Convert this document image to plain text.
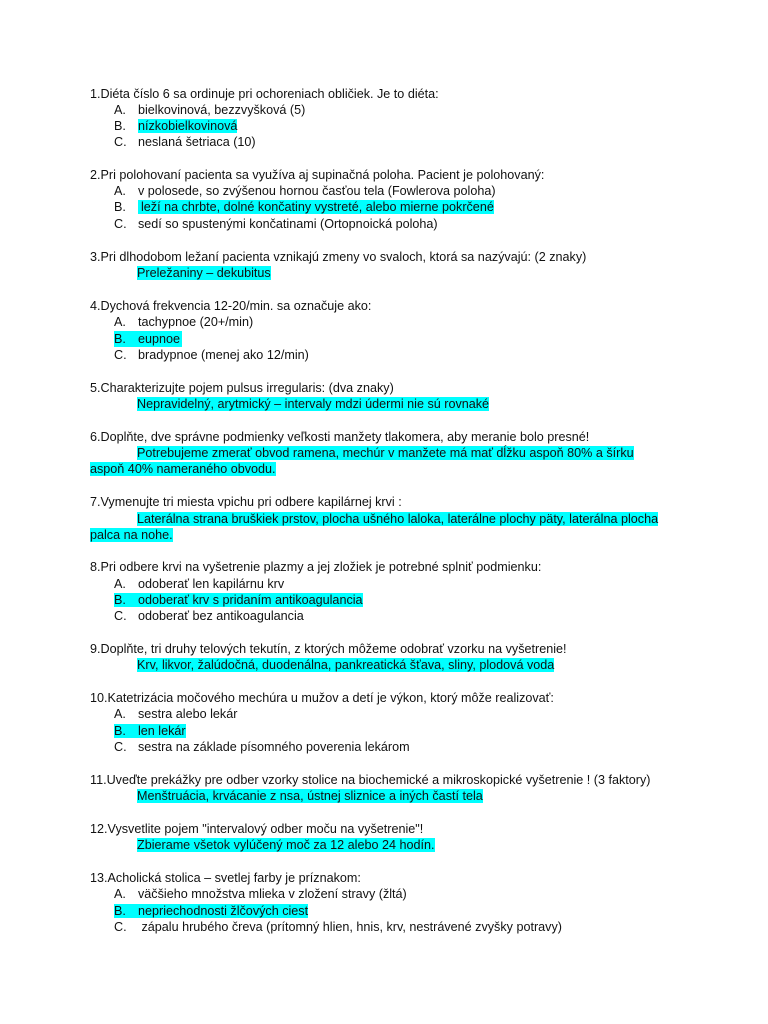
1.Diéta číslo 6 sa ordinuje pri ochoreniach obličiek. Je to diéta:
A. bielkovinová, bezzvyšková (5)
B. nízkobielkovinová
C. neslaná šetriaca (10)
2.Pri polohovaní pacienta sa využíva aj supinačná poloha. Pacient je polohovaný:
A. v polosede, so zvýšenou hornou časťou tela (Fowlerova poloha)
B. leží na chrbte, dolné končatiny vystreté, alebo mierne pokrčené
C. sedí so spustenými končatinami (Ortopnoická poloha)
3.Pri dlhodobom ležaní pacienta vznikajú zmeny vo svaloch, ktorá sa nazývajú: (2 znaky)
Preležaniny – dekubitus
4.Dychová frekvencia 12-20/min. sa označuje ako:
A. tachypnoe (20+/min)
B. eupnoe
C. bradypnoe (menej ako 12/min)
5.Charakterizujte pojem pulsus irregularis: (dva znaky)
Nepravidelný, arytmický – intervaly mdzi údermi nie sú rovnaké
6.Doplňte, dve správne podmienky veľkosti manžety tlakomera, aby meranie bolo presné!
Potrebujeme zmerať obvod ramena, mechúr v manžete má mať dĺžku aspoň 80% a šírku
aspoň 40% nameraného obvodu.
7.Vymenujte tri miesta vpichu pri odbere kapilárnej krvi :
Laterálna strana bruškiek prstov, plocha ušného laloka, laterálne plochy päty, laterálna plocha
palca na nohe.
8.Pri odbere krvi na vyšetrenie plazmy a jej zložiek je potrebné splniť podmienku:
A. odoberať len kapilárnu krv
B. odoberať krv s pridaním antikoagulancia
C. odoberať bez antikoagulancia
9.Doplňte, tri druhy telových tekutín, z ktorých môžeme odobrať vzorku na vyšetrenie!
Krv, likvor, žalúdočná, duodenálna, pankreatická šťava, sliny, plodová voda
10.Katetrizácia močového mechúra u mužov a detí je výkon, ktorý môže realizovať:
A. sestra alebo lekár
B. len lekár
C. sestra na základe písomného poverenia lekárom
11.Uveďte prekážky pre odber vzorky stolice na biochemické a mikroskopické vyšetrenie ! (3 faktory)
Menštruácia, krvácanie z nsa, ústnej sliznice a iných častí tela
12.Vysvetlite pojem "intervalový odber moču na vyšetrenie"!
Zbierame všetok vylúčený moč za 12 alebo 24 hodín.
13.Acholická stolica – svetlej farby je príznakom:
A. väčšieho množstva mlieka v zložení stravy (žltá)
B. nepriechodnosti žlčových ciest
C. zápalu hrubého čreva (prítomný hlien, hnis, krv, nestrávené zvyšky potravy)
